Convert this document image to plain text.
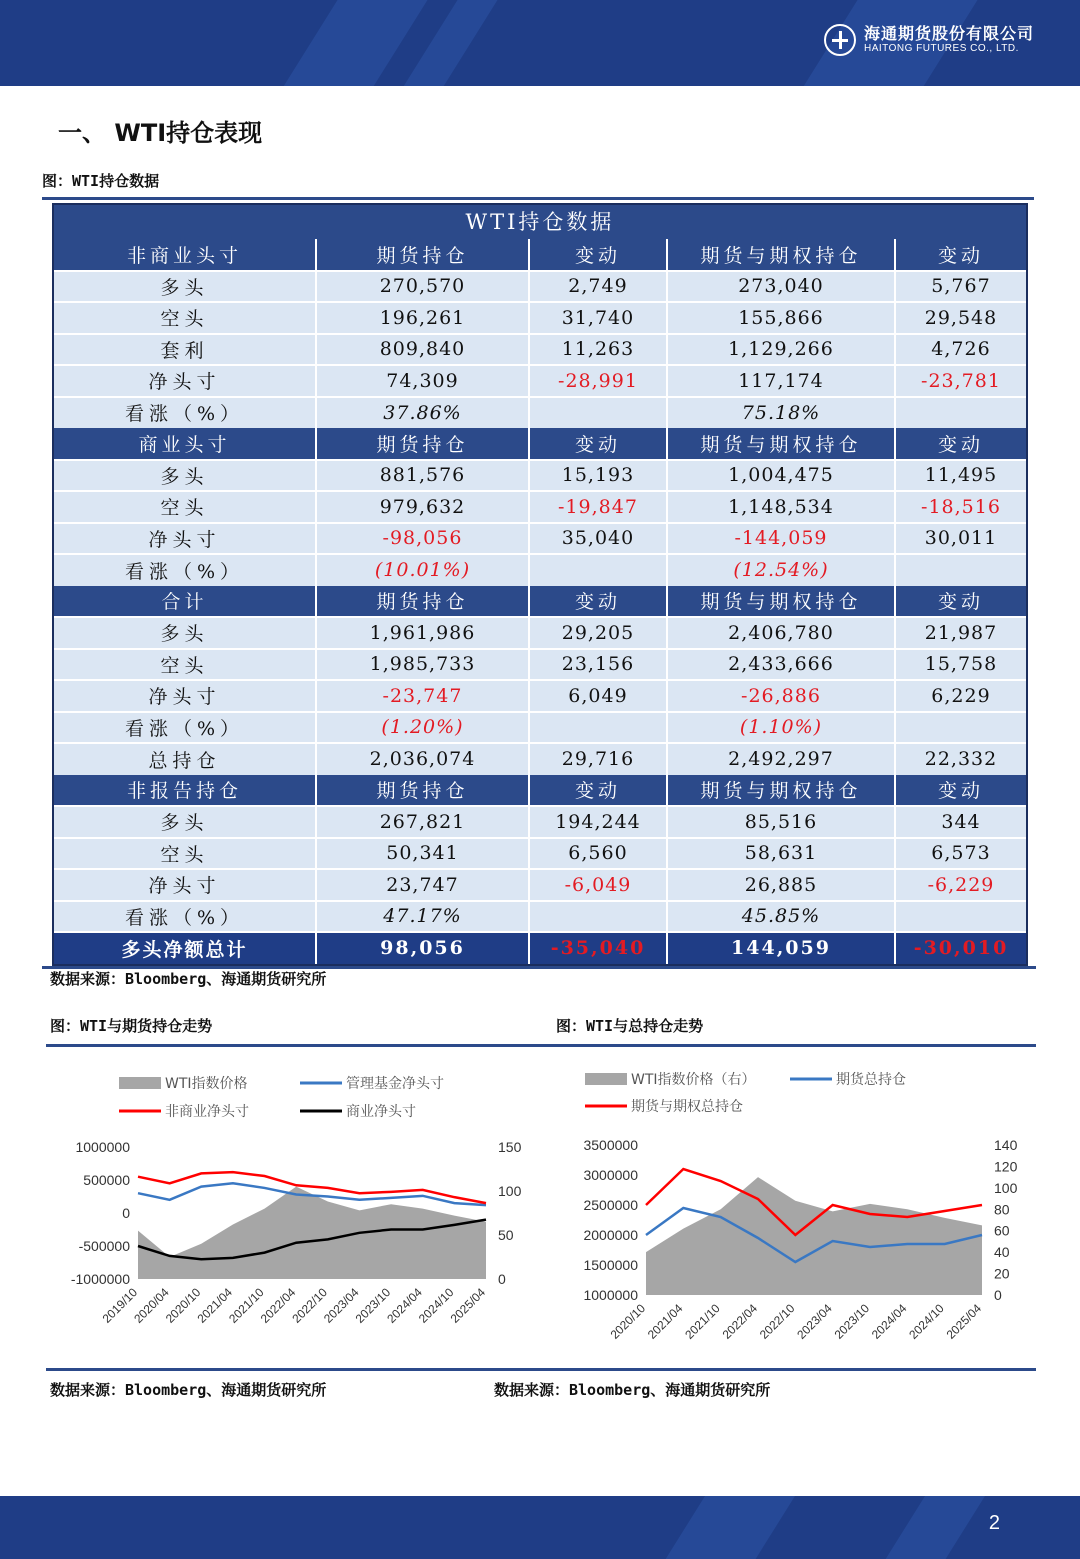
海通期货股份有限公司
HAITONG FUTURES CO., LTD.
一、 WTI持仓表现
图：WTI持仓数据
WTI持仓数据
非商业头寸	期货持仓	变动	期货与期权持仓	变动
多头	270,570	2,749	273,040	5,767
空头	196,261	31,740	155,866	29,548
套利	809,840	11,263	1,129,266	4,726
净头寸	74,309	-28,991	117,174	-23,781
看涨（%）	37.86%		75.18%	
商业头寸	期货持仓	变动	期货与期权持仓	变动
多头	881,576	15,193	1,004,475	11,495
空头	979,632	-19,847	1,148,534	-18,516
净头寸	-98,056	35,040	-144,059	30,011
看涨（%）	(10.01%)		(12.54%)	
合计	期货持仓	变动	期货与期权持仓	变动
多头	1,961,986	29,205	2,406,780	21,987
空头	1,985,733	23,156	2,433,666	15,758
净头寸	-23,747	6,049	-26,886	6,229
看涨（%）	(1.20%)		(1.10%)	
总持仓	2,036,074	29,716	2,492,297	22,332
非报告持仓	期货持仓	变动	期货与期权持仓	变动
多头	267,821	194,244	85,516	344
空头	50,341	6,560	58,631	6,573
净头寸	23,747	-6,049	26,885	-6,229
看涨（%）	47.17%		45.85%	
多头净额总计	98,056	-35,040	144,059	-30,010
数据来源：Bloomberg、海通期货研究所
图：WTI与期货持仓走势	图：WTI与总持仓走势
WTI指数价格	管理基金净头寸
非商业净头寸	商业净头寸
1000000
500000
0
-500000
-1000000
150
100
50
0
2019/10
2020/04
2020/10
2021/04
2021/10
2022/04
2022/10
2023/04
2023/10
2024/04
2024/10
2025/04
WTI指数价格（右）	期货总持仓
期货与期权总持仓
3500000
3000000
2500000
2000000
1500000
1000000
140
120
100
80
60
40
20
0
2020/10
2021/04
2021/10
2022/04
2022/10
2023/04
2023/10
2024/04
2024/10
2025/04
数据来源：Bloomberg、海通期货研究所	数据来源：Bloomberg、海通期货研究所
2
